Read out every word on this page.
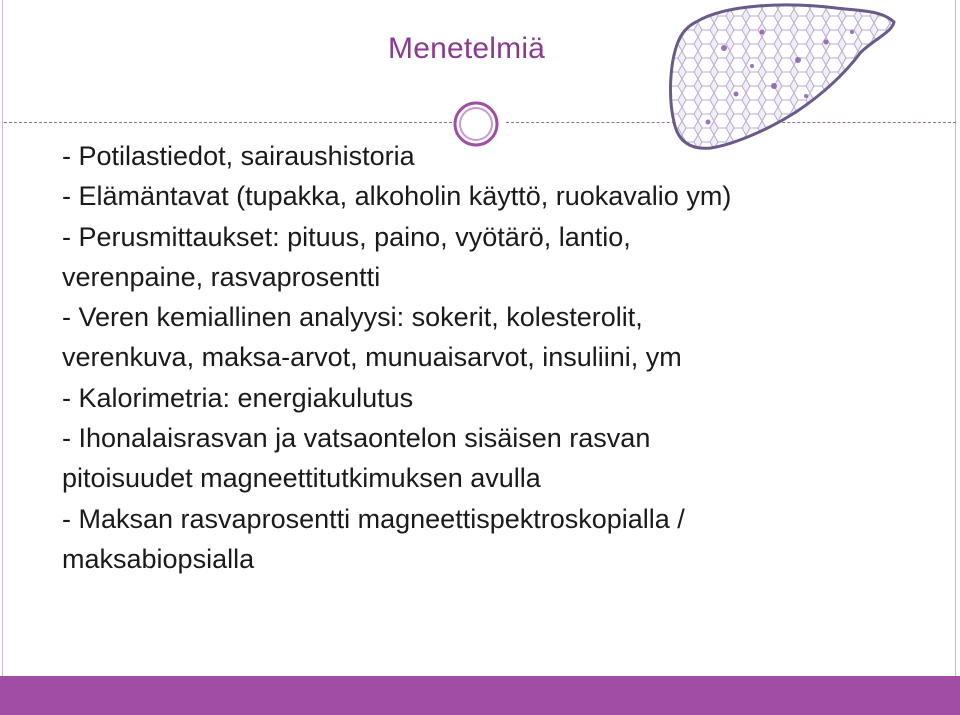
Menetelmiä
- Potilastiedot, sairaushistoria
- Elämäntavat (tupakka, alkoholin käyttö, ruokavalio ym)
- Perusmittaukset: pituus, paino, vyötärö, lantio,
verenpaine, rasvaprosentti
- Veren kemiallinen analyysi: sokerit, kolesterolit,
verenkuva, maksa-arvot, munuaisarvot, insuliini, ym
- Kalorimetria: energiakulutus
- Ihonalaisrasvan ja vatsaontelon sisäisen rasvan
pitoisuudet magneettitutkimuksen avulla
- Maksan rasvaprosentti magneettispektroskopialla /
maksabiopsialla
